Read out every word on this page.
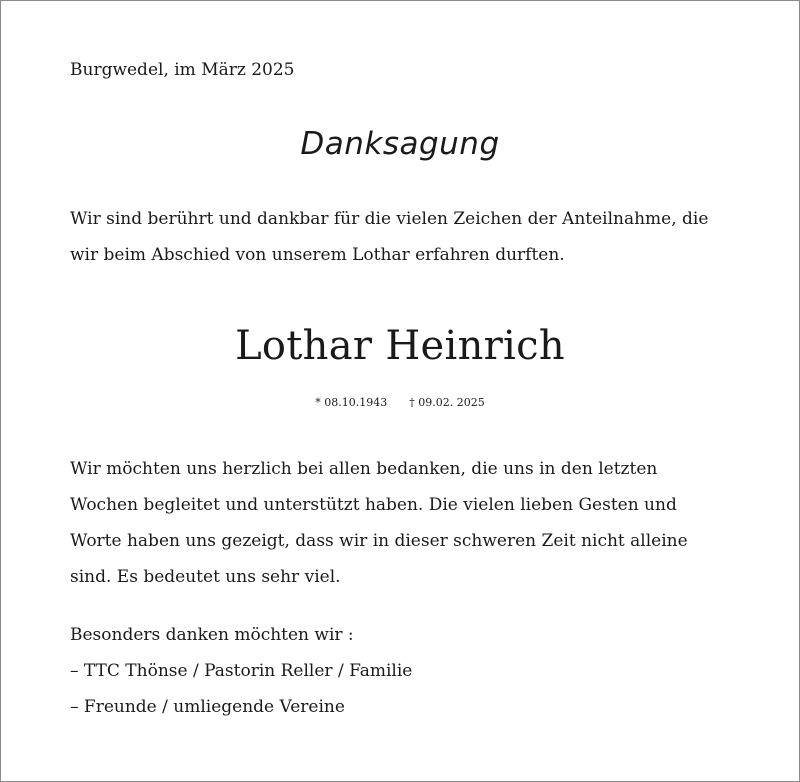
Burgwedel, im März 2025
Danksagung

Wir sind berührt und dankbar für die vielen Zeichen der Anteilnahme, die
wir beim Abschied von unserem Lothar erfahren durften.

Lothar Heinrich
* 08.10.1943 † 09.02. 2025

Wir möchten uns herzlich bei allen bedanken, die uns in den letzten
Wochen begleitet und unterstützt haben. Die vielen lieben Gesten und
Worte haben uns gezeigt, dass wir in dieser schweren Zeit nicht alleine
sind. Es bedeutet uns sehr viel.

Besonders danken möchten wir :
– TTC Thönse / Pastorin Reller / Familie
– Freunde / umliegende Vereine
